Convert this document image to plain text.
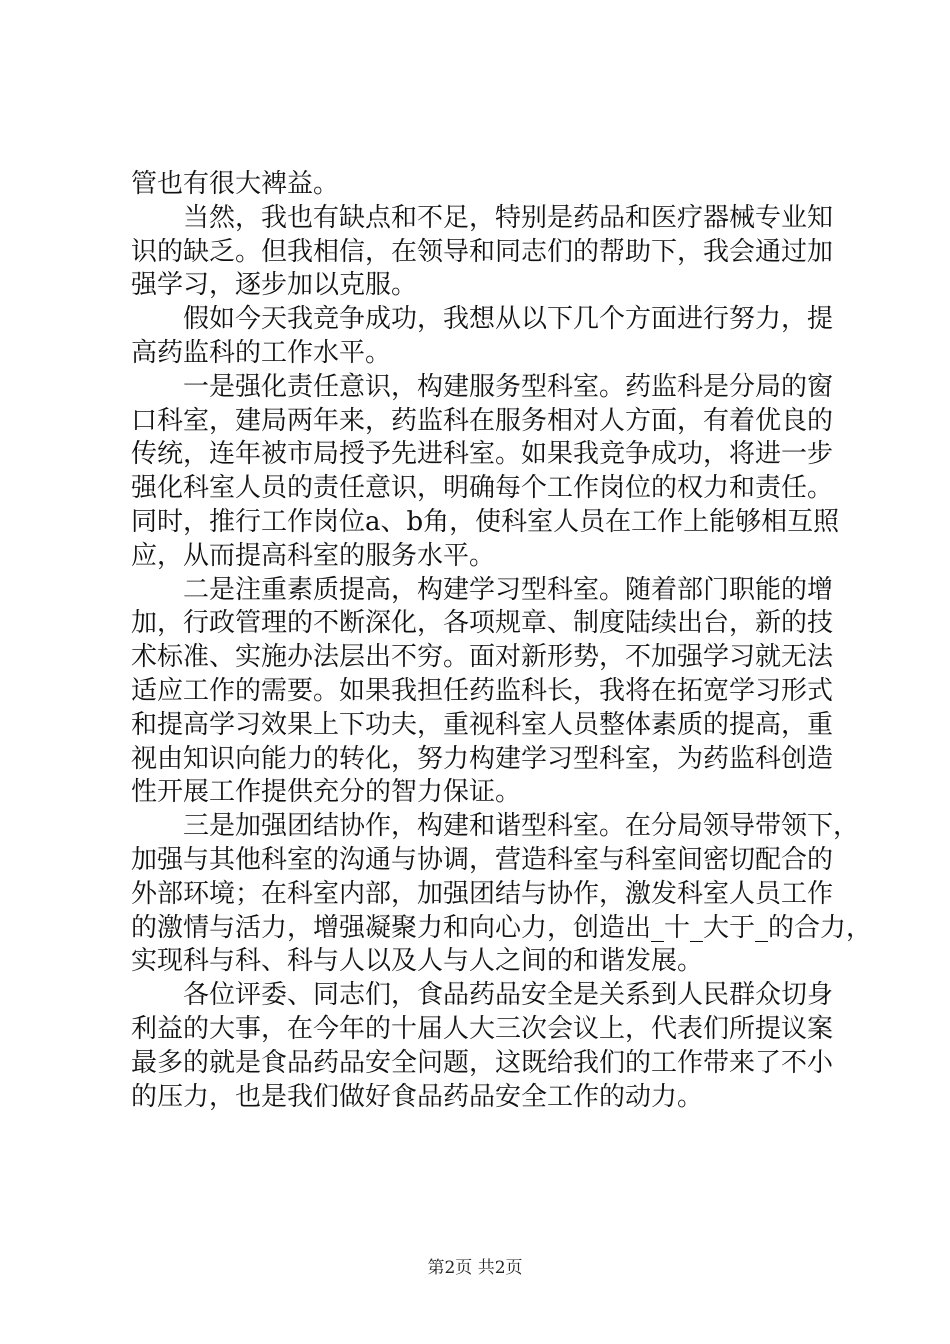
管也有很大裨益。
　　当然，我也有缺点和不足，特别是药品和医疗器械专业知
识的缺乏。但我相信，在领导和同志们的帮助下，我会通过加
强学习，逐步加以克服。
　　假如今天我竞争成功，我想从以下几个方面进行努力，提
高药监科的工作水平。
　　一是强化责任意识，构建服务型科室。药监科是分局的窗
口科室，建局两年来，药监科在服务相对人方面，有着优良的
传统，连年被市局授予先进科室。如果我竞争成功，将进一步
强化科室人员的责任意识，明确每个工作岗位的权力和责任。
同时，推行工作岗位a、b角，使科室人员在工作上能够相互照
应，从而提高科室的服务水平。
　　二是注重素质提高，构建学习型科室。随着部门职能的增
加，行政管理的不断深化，各项规章、制度陆续出台，新的技
术标准、实施办法层出不穷。面对新形势，不加强学习就无法
适应工作的需要。如果我担任药监科长，我将在拓宽学习形式
和提高学习效果上下功夫，重视科室人员整体素质的提高，重
视由知识向能力的转化，努力构建学习型科室，为药监科创造
性开展工作提供充分的智力保证。
　　三是加强团结协作，构建和谐型科室。在分局领导带领下，
加强与其他科室的沟通与协调，营造科室与科室间密切配合的
外部环境；在科室内部，加强团结与协作，激发科室人员工作
的激情与活力，增强凝聚力和向心力，创造出_十_大于_的合力，
实现科与科、科与人以及人与人之间的和谐发展。
　　各位评委、同志们，食品药品安全是关系到人民群众切身
利益的大事，在今年的十届人大三次会议上，代表们所提议案
最多的就是食品药品安全问题，这既给我们的工作带来了不小
的压力，也是我们做好食品药品安全工作的动力。
第2页 共2页
